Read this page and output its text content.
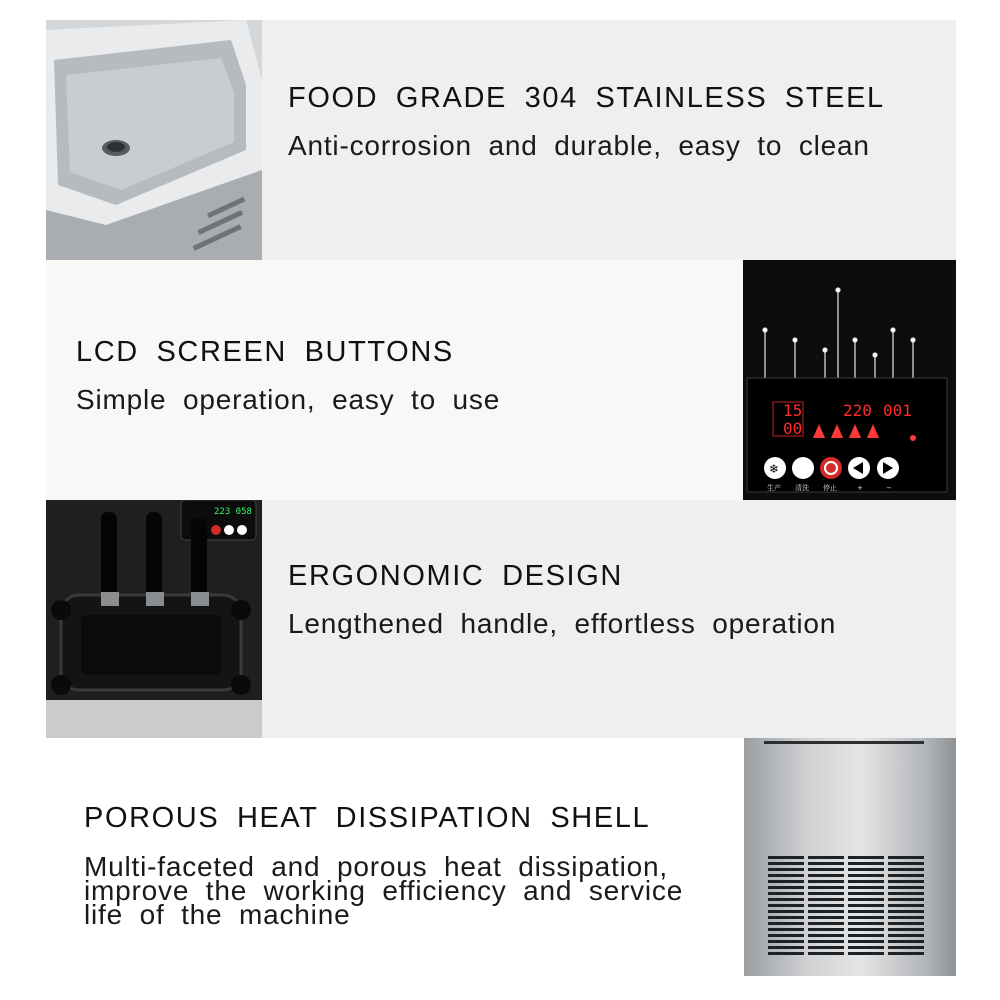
FOOD GRADE 304 STAINLESS STEEL
Anti-corrosion and durable, easy to clean
LCD SCREEN BUTTONS
Simple operation, easy to use	15
00
220 001
❄
生产 清洗 停止	+	−
223 058
ERGONOMIC DESIGN
Lengthened handle, effortless operation
POROUS HEAT DISSIPATION SHELL
Multi-faceted and porous heat dissipation,
improve the working efficiency and service
life of the machine
